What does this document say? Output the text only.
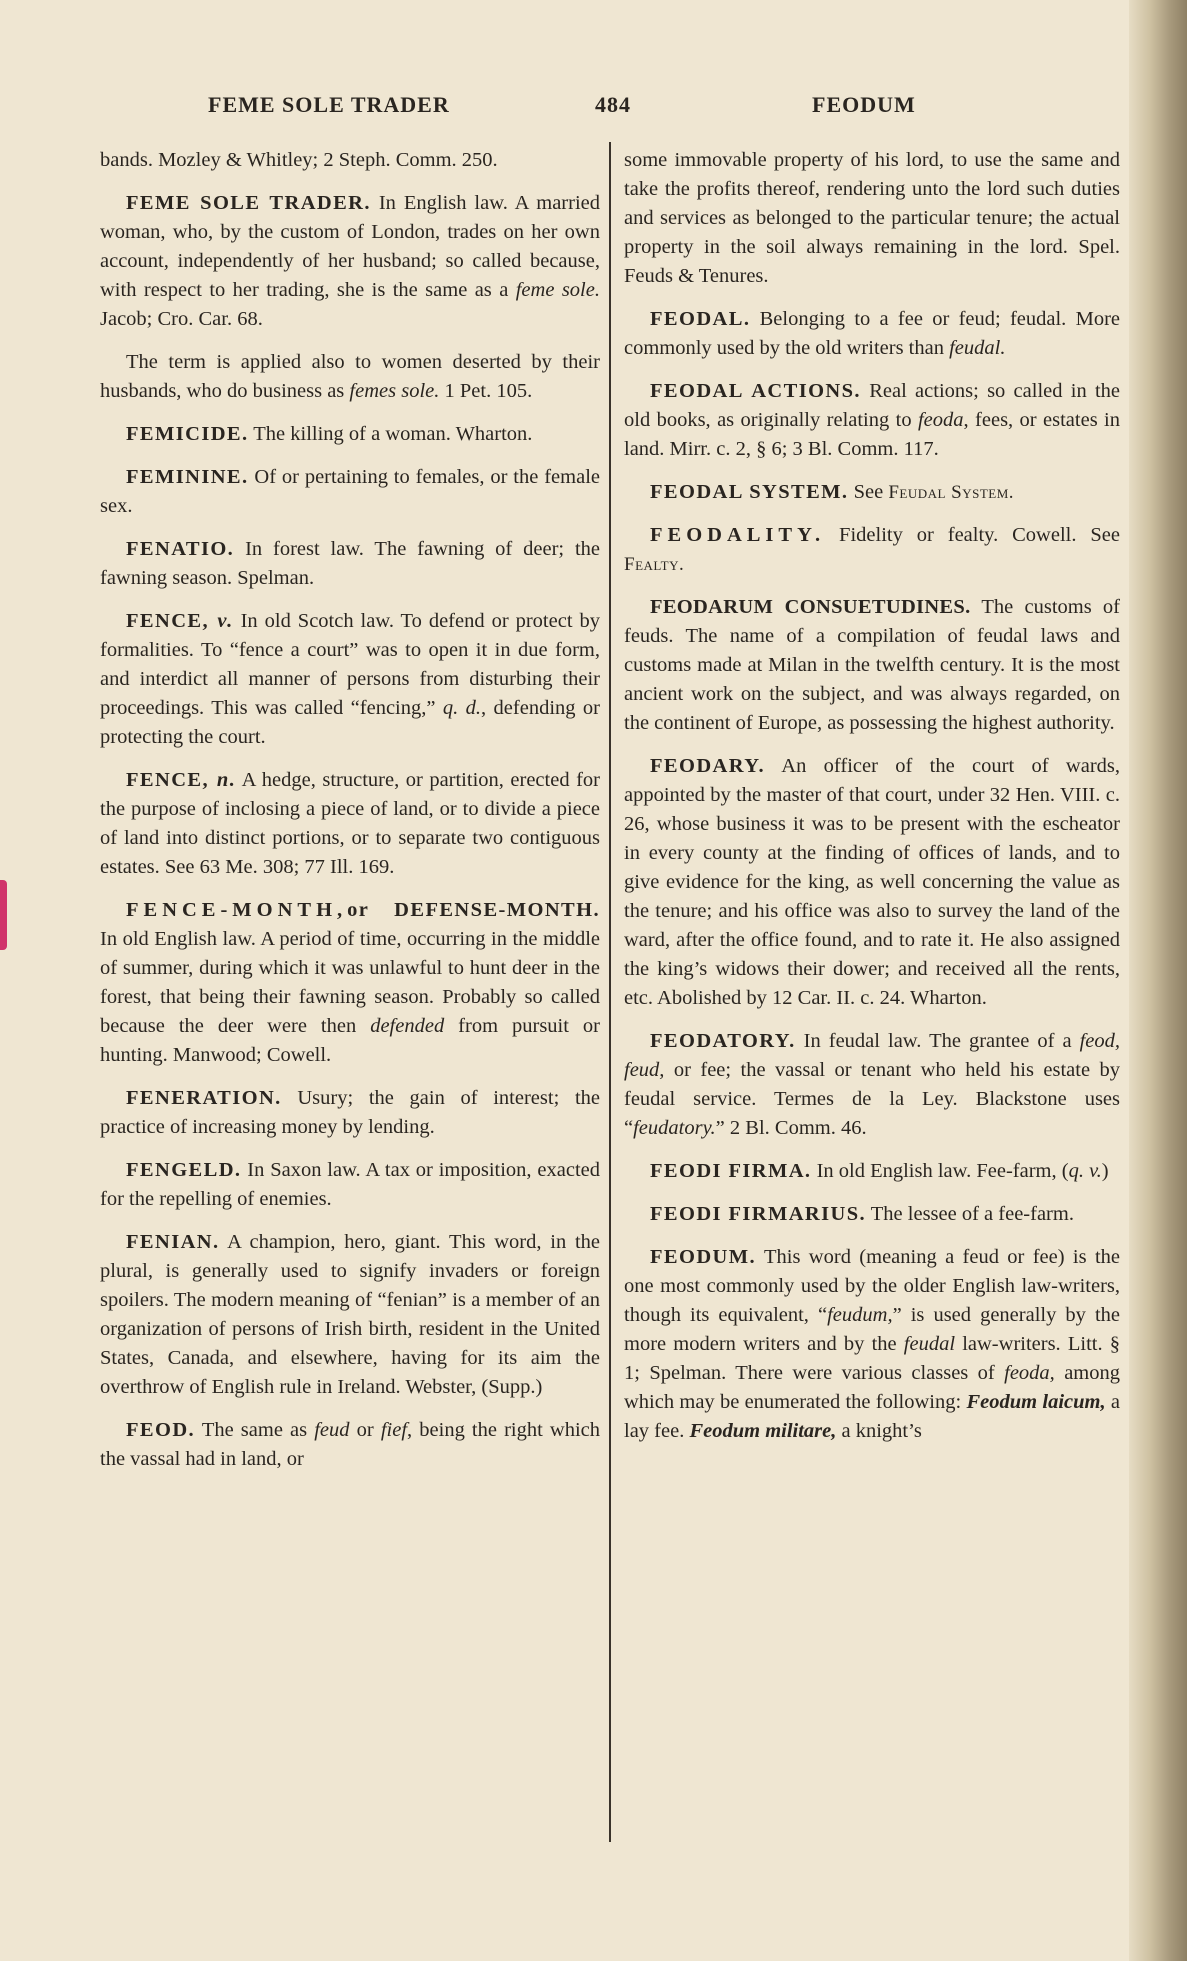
FEME SOLE TRADER	484	FEODUM

bands. Mozley & Whitley; 2 Steph. Comm. 250.

FEME SOLE TRADER. In English law. A married woman, who, by the custom of London, trades on her own account, independently of her husband; so called because, with respect to her trading, she is the same as a feme sole. Jacob; Cro. Car. 68.

The term is applied also to women deserted by their husbands, who do business as femes sole. 1 Pet. 105.

FEMICIDE. The killing of a woman. Wharton.

FEMININE. Of or pertaining to females, or the female sex.

FENATIO. In forest law. The fawning of deer; the fawning season. Spelman.

FENCE, v. In old Scotch law. To defend or protect by formalities. To “fence a court” was to open it in due form, and interdict all manner of persons from disturbing their proceedings. This was called “fencing,” q. d., defending or protecting the court.

FENCE, n. A hedge, structure, or partition, erected for the purpose of inclosing a piece of land, or to divide a piece of land into distinct portions, or to separate two contiguous estates. See 63 Me. 308; 77 Ill. 169.

FENCE-MONTH,or DEFENSE-MONTH. In old English law. A period of time, occurring in the middle of summer, during which it was unlawful to hunt deer in the forest, that being their fawning season. Probably so called because the deer were then defended from pursuit or hunting. Manwood; Cowell.

FENERATION. Usury; the gain of interest; the practice of increasing money by lending.

FENGELD. In Saxon law. A tax or imposition, exacted for the repelling of enemies.

FENIAN. A champion, hero, giant. This word, in the plural, is generally used to signify invaders or foreign spoilers. The modern meaning of “fenian” is a member of an organization of persons of Irish birth, resident in the United States, Canada, and elsewhere, having for its aim the overthrow of English rule in Ireland. Webster, (Supp.)

FEOD. The same as feud or fief, being the right which the vassal had in land, or

some immovable property of his lord, to use the same and take the profits thereof, rendering unto the lord such duties and services as belonged to the particular tenure; the actual property in the soil always remaining in the lord. Spel. Feuds & Tenures.

FEODAL. Belonging to a fee or feud; feudal. More commonly used by the old writers than feudal.

FEODAL ACTIONS. Real actions; so called in the old books, as originally relating to feoda, fees, or estates in land. Mirr. c. 2, § 6; 3 Bl. Comm. 117.

FEODAL SYSTEM. See Feudal System.

FEODALITY. Fidelity or fealty. Cowell. See Fealty.

FEODARUM CONSUETUDINES. The customs of feuds. The name of a compilation of feudal laws and customs made at Milan in the twelfth century. It is the most ancient work on the subject, and was always regarded, on the continent of Europe, as possessing the highest authority.

FEODARY. An officer of the court of wards, appointed by the master of that court, under 32 Hen. VIII. c. 26, whose business it was to be present with the escheator in every county at the finding of offices of lands, and to give evidence for the king, as well concerning the value as the tenure; and his office was also to survey the land of the ward, after the office found, and to rate it. He also assigned the king’s widows their dower; and received all the rents, etc. Abolished by 12 Car. II. c. 24. Wharton.

FEODATORY. In feudal law. The grantee of a feod, feud, or fee; the vassal or tenant who held his estate by feudal service. Termes de la Ley. Blackstone uses “feudatory.” 2 Bl. Comm. 46.

FEODI FIRMA. In old English law. Fee-farm, (q. v.)

FEODI FIRMARIUS. The lessee of a fee-farm.

FEODUM. This word (meaning a feud or fee) is the one most commonly used by the older English law-writers, though its equivalent, “feudum,” is used generally by the more modern writers and by the feudal law-writers. Litt. § 1; Spelman. There were various classes of feoda, among which may be enumerated the following: Feodum laicum, a lay fee. Feodum militare, a knight’s
